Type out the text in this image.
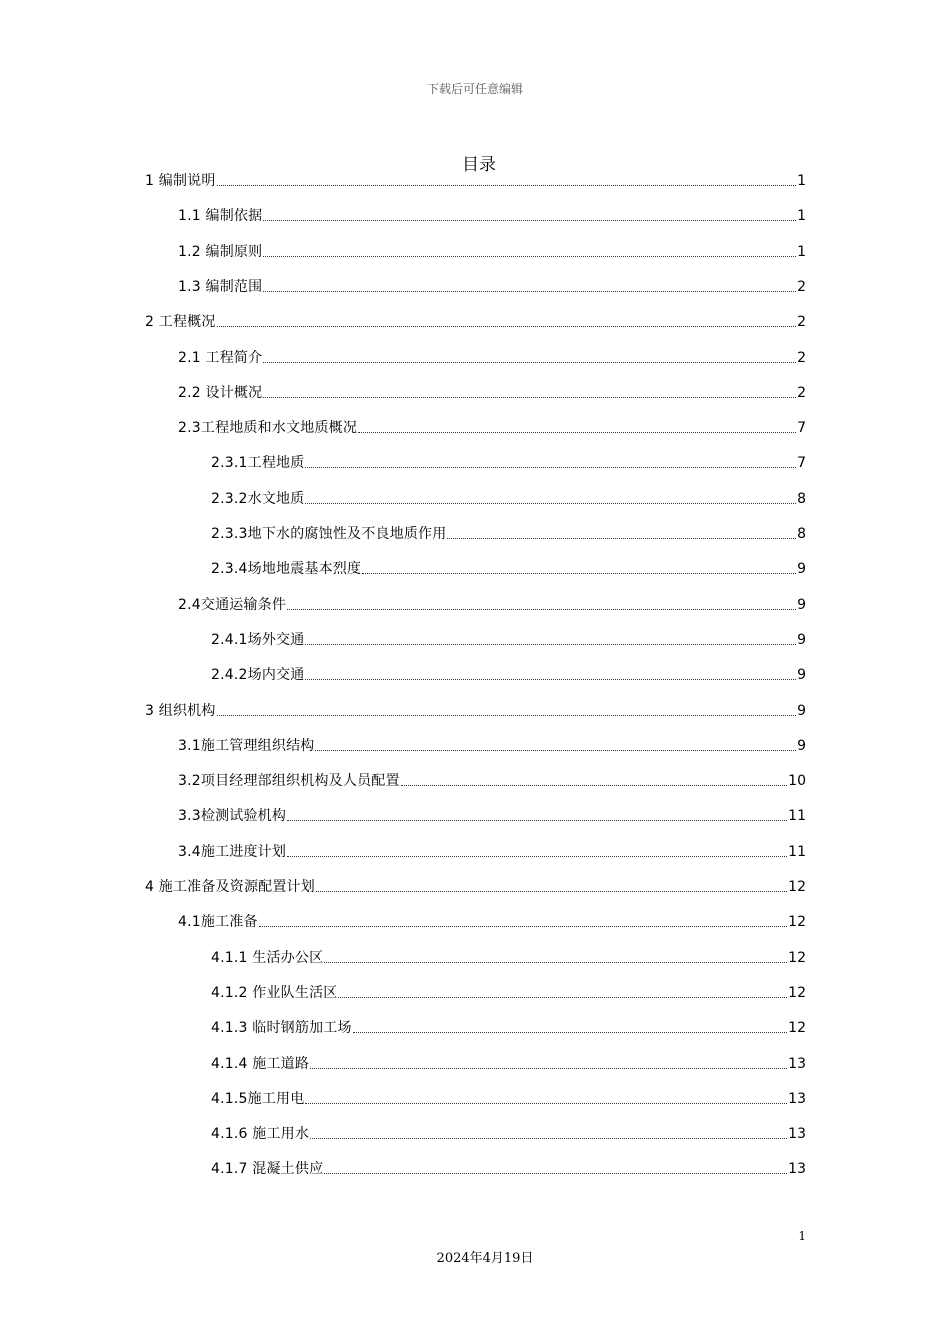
下载后可任意编辑
目录
1 编制说明	1
1.1 编制依据	1
1.2 编制原则	1
1.3 编制范围	2
2 工程概况	2
2.1 工程简介	2
2.2 设计概况	2
2.3工程地质和水文地质概况	7
2.3.1工程地质	7
2.3.2水文地质	8
2.3.3地下水的腐蚀性及不良地质作用	8
2.3.4场地地震基本烈度	9
2.4交通运输条件	9
2.4.1场外交通	9
2.4.2场内交通	9
3 组织机构	9
3.1施工管理组织结构	9
3.2项目经理部组织机构及人员配置	10
3.3检测试验机构	11
3.4施工进度计划	11
4 施工准备及资源配置计划	12
4.1施工准备	12
4.1.1 生活办公区	12
4.1.2 作业队生活区	12
4.1.3 临时钢筋加工场	12
4.1.4 施工道路	13
4.1.5施工用电	13
4.1.6 施工用水	13
4.1.7 混凝土供应	13
1
2024年4月19日
